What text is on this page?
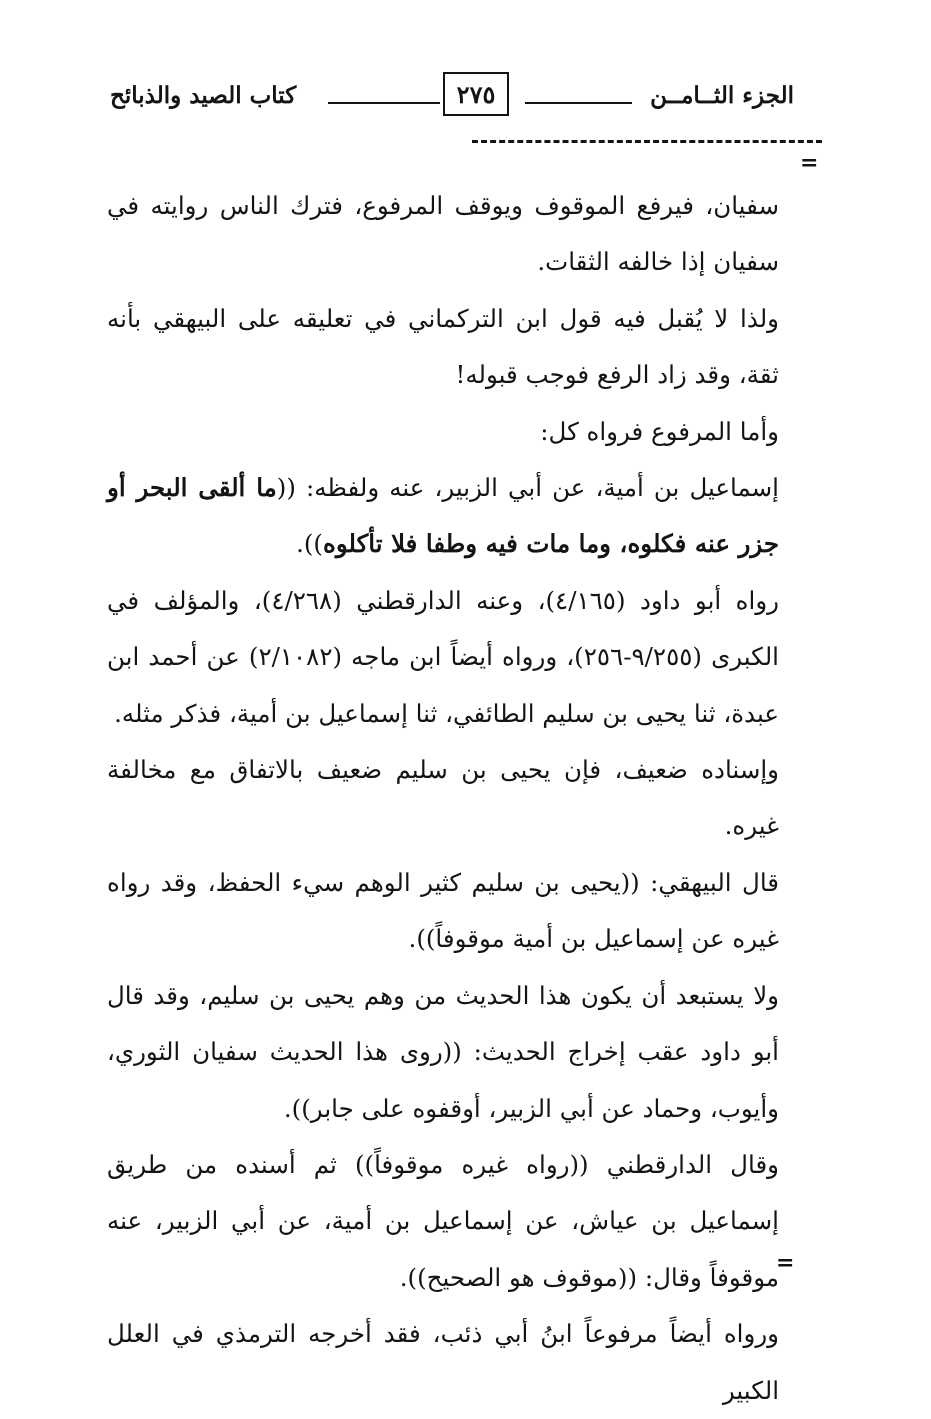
الجزء الثــامــن
٢٧٥
كتاب الصيد والذبائح
=

سفيان، فيرفع الموقوف ويوقف المرفوع، فترك الناس روايته في سفيان إذا خالفه الثقات.

ولذا لا يُقبل فيه قول ابن التركماني في تعليقه على البيهقي بأنه ثقة، وقد زاد الرفع فوجب قبوله!

وأما المرفوع فرواه كل:

إسماعيل بن أمية، عن أبي الزبير، عنه ولفظه: ((ما ألقى البحر أو جزر عنه فكلوه، وما مات فيه وطفا فلا تأكلوه)).

رواه أبو داود (٤/١٦٥)، وعنه الدارقطني (٤/٢٦٨)، والمؤلف في الكبرى (٩/٢٥٥-٢٥٦)، ورواه أيضاً ابن ماجه (٢/١٠٨٢) عن أحمد ابن عبدة، ثنا يحيى بن سليم الطائفي، ثنا إسماعيل بن أمية، فذكر مثله.

وإسناده ضعيف، فإن يحيى بن سليم ضعيف بالاتفاق مع مخالفة غيره.

قال البيهقي: ((يحيى بن سليم كثير الوهم سيء الحفظ، وقد رواه غيره عن إسماعيل بن أمية موقوفاً)).

ولا يستبعد أن يكون هذا الحديث من وهم يحيى بن سليم، وقد قال أبو داود عقب إخراج الحديث: ((روى هذا الحديث سفيان الثوري، وأيوب، وحماد عن أبي الزبير، أوقفوه على جابر)).

وقال الدارقطني ((رواه غيره موقوفاً)) ثم أسنده من طريق إسماعيل بن عياش، عن إسماعيل بن أمية، عن أبي الزبير، عنه موقوفاً وقال: ((موقوف هو الصحيح)).

ورواه أيضاً مرفوعاً ابنُ أبي ذئب، فقد أخرجه الترمذي في العلل الكبير

=
